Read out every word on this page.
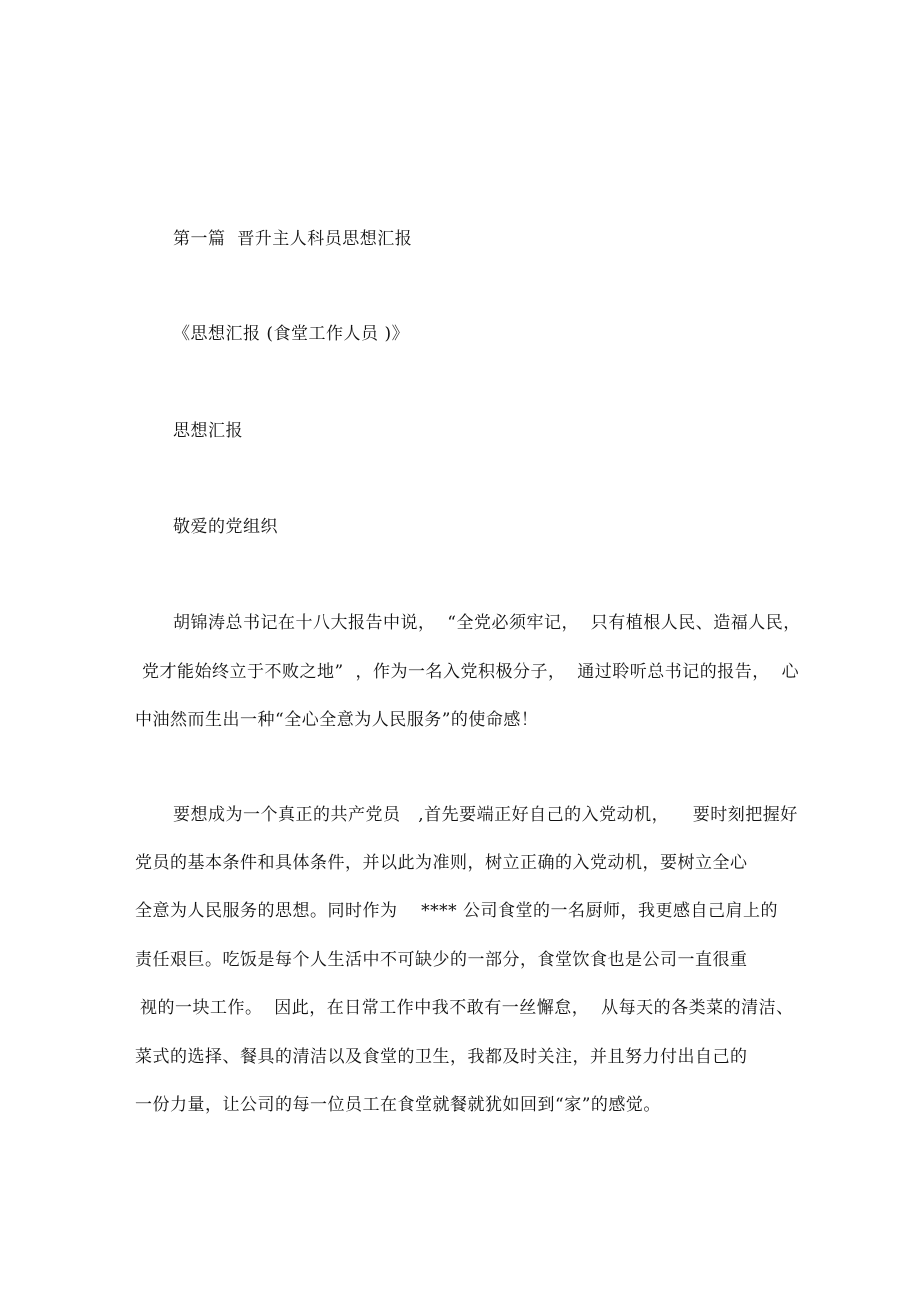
第一篇  晋升主人科员思想汇报
《思想汇报 (食堂工作人员 )》
思想汇报
敬爱的党组织
胡锦涛总书记在十八大报告中说，  “全党必须牢记，  只有植根人民、造福人民，
党才能始终立于不败之地”  ，作为一名入党积极分子，  通过聆听总书记的报告，  心
中油然而生出一种“全心全意为人民服务”的使命感！
要想成为一个真正的共产党员   ,首先要端正好自己的入党动机，    要时刻把握好
党员的基本条件和具体条件，并以此为准则，树立正确的入党动机，要树立全心
全意为人民服务的思想。同时作为    **** 公司食堂的一名厨师，我更感自己肩上的
责任艰巨。吃饭是每个人生活中不可缺少的一部分，食堂饮食也是公司一直很重
视的一块工作。  因此，在日常工作中我不敢有一丝懈怠，  从每天的各类菜的清洁、
菜式的选择、餐具的清洁以及食堂的卫生，我都及时关注，并且努力付出自己的
一份力量，让公司的每一位员工在食堂就餐就犹如回到“家”的感觉。
